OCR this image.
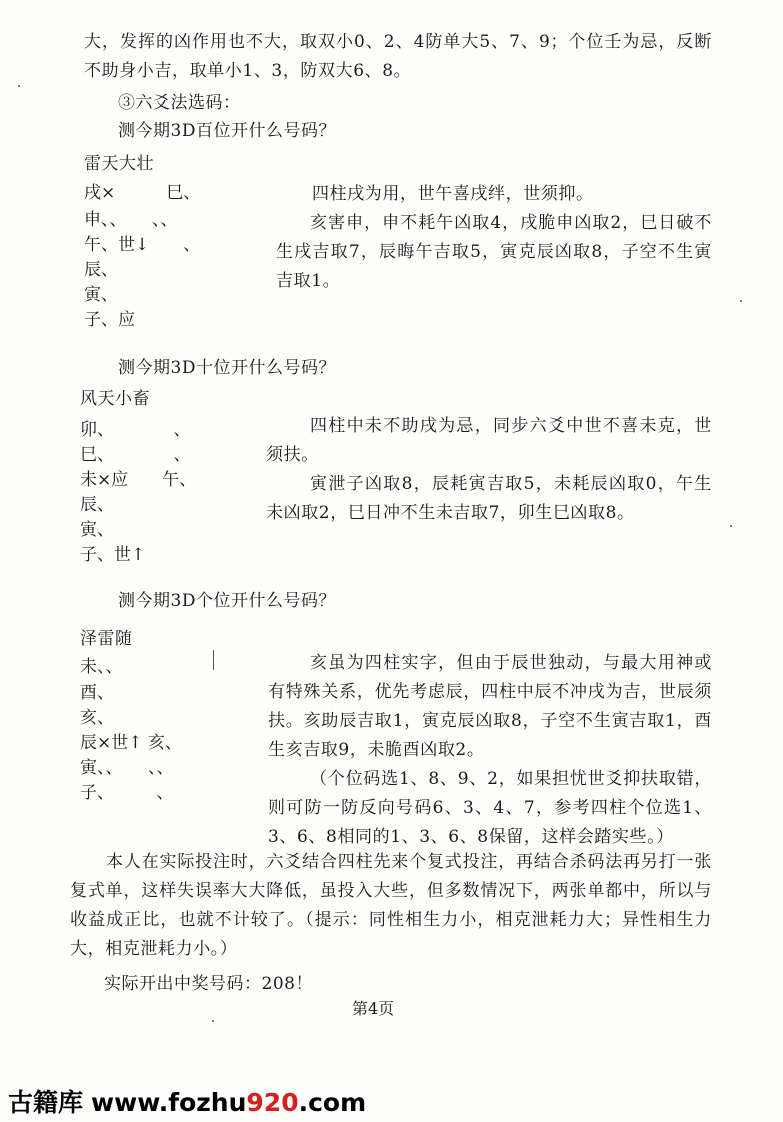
大，发挥的凶作用也不大，取双小0、2、4防单大5、7、9；个位壬为忌，反断不助身小吉，取单小1、3，防双大6、8。
③六爻法选码：
测今期3D百位开什么号码？
雷天大壮
戌×　　　巳、
申、、　　、、
午、世↓　　、
辰、
寅、
子、应
四柱戌为用，世午喜戌绊，世须抑。
亥害申，申不耗午凶取4，戌脆申凶取2，巳日破不生戌吉取7，辰晦午吉取5，寅克辰凶取8，子空不生寅吉取1。
测今期3D十位开什么号码？
风天小畜
卯、　　　　、
巳、　　　　、
未×应　　午、
辰、
寅、
子、世↑
四柱中未不助戌为忌，同步六爻中世不喜未克，世须扶。
寅泄子凶取8，辰耗寅吉取5，未耗辰凶取0，午生未凶取2，巳日冲不生未吉取7，卯生巳凶取8。
测今期3D个位开什么号码？
泽雷随
未、、
酉、
亥、
辰×世↑ 亥、
寅、、　　、、
子、　　　、
亥虽为四柱实字，但由于辰世独动，与最大用神或有特殊关系，优先考虑辰，四柱中辰不冲戌为吉，世辰须扶。亥助辰吉取1，寅克辰凶取8，子空不生寅吉取1，酉生亥吉取9，未脆酉凶取2。
（个位码选1、8、9、2，如果担忧世爻抑扶取错，则可防一防反向号码6、3、4、7，参考四柱个位选1、3、6、8相同的1、3、6、8保留，这样会踏实些。）
本人在实际投注时，六爻结合四柱先来个复式投注，再结合杀码法再另打一张复式单，这样失误率大大降低，虽投入大些，但多数情况下，两张单都中，所以与收益成正比，也就不计较了。（提示：同性相生力小，相克泄耗力大；异性相生力大，相克泄耗力小。）
实际开出中奖号码：208！
第4页
古籍库 www.fozhu920.com
